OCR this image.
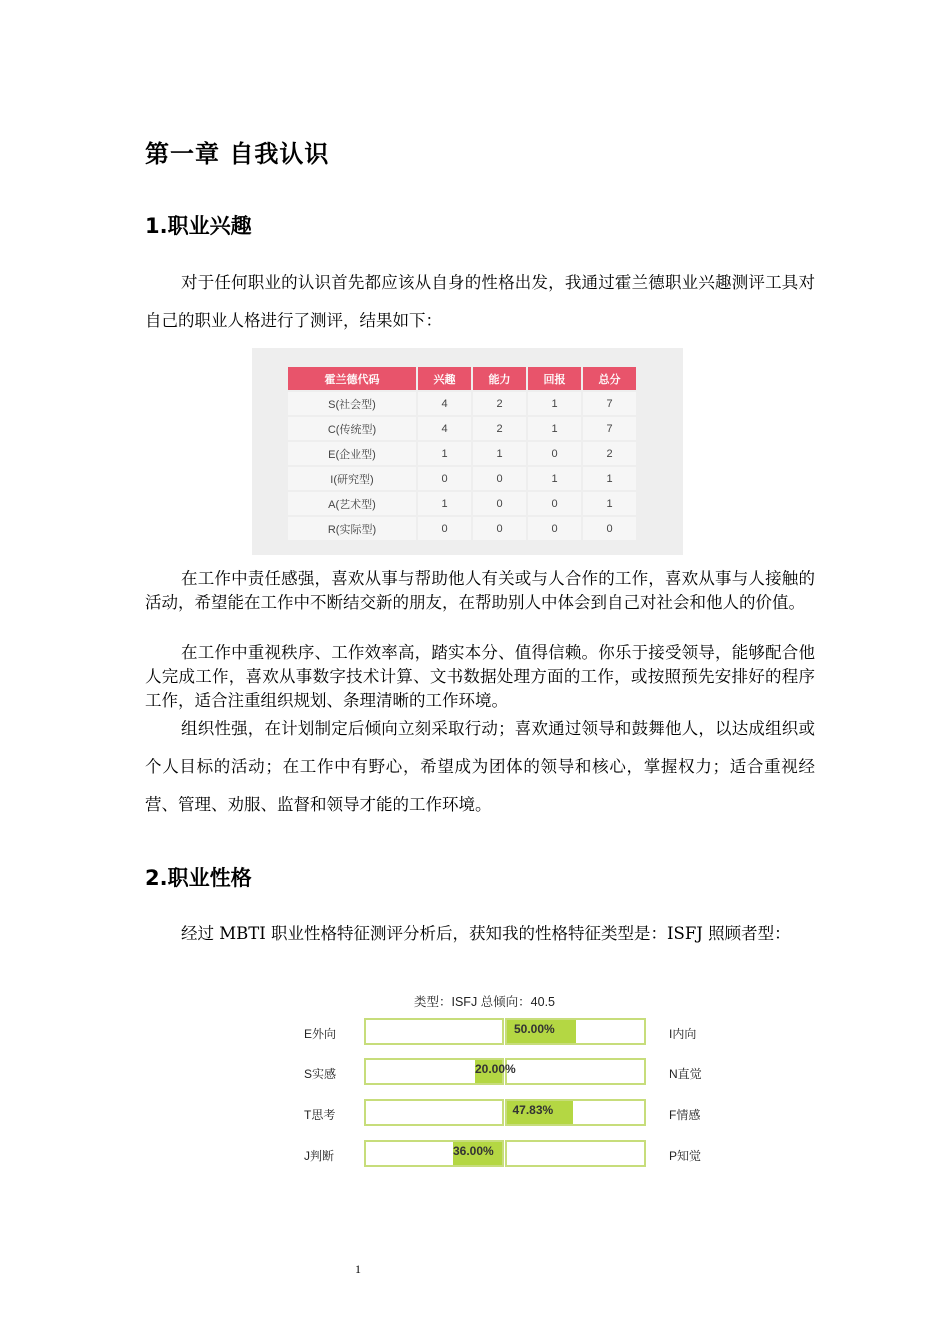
第一章 自我认识
1.职业兴趣

对于任何职业的认识首先都应该从自身的性格出发，我通过霍兰德职业兴趣测评工具对自己的职业人格进行了测评，结果如下：

霍兰德代码	兴趣	能力	回报	总分
S(社会型)	4	2	1	7
C(传统型)	4	2	1	7
E(企业型)	1	1	0	2
I(研究型)	0	0	1	1
A(艺术型)	1	0	0	1
R(实际型)	0	0	0	0

在工作中责任感强，喜欢从事与帮助他人有关或与人合作的工作，喜欢从事与人接触的活动，希望能在工作中不断结交新的朋友，在帮助别人中体会到自己对社会和他人的价值。

在工作中重视秩序、工作效率高，踏实本分、值得信赖。你乐于接受领导，能够配合他人完成工作，喜欢从事数字技术计算、文书数据处理方面的工作，或按照预先安排好的程序工作，适合注重组织规划、条理清晰的工作环境。

组织性强，在计划制定后倾向立刻采取行动；喜欢通过领导和鼓舞他人，以达成组织或个人目标的活动；在工作中有野心，希望成为团体的领导和核心，掌握权力；适合重视经营、管理、劝服、监督和领导才能的工作环境。

2.职业性格

经过 MBTI 职业性格特征测评分析后，获知我的性格特征类型是：ISFJ 照顾者型：

类型：ISFJ 总倾向：40.5
E外向	50.00%	I内向
S实感	20.00%	N直觉
T思考	47.83%	F情感
J判断	36.00%	P知觉
1
